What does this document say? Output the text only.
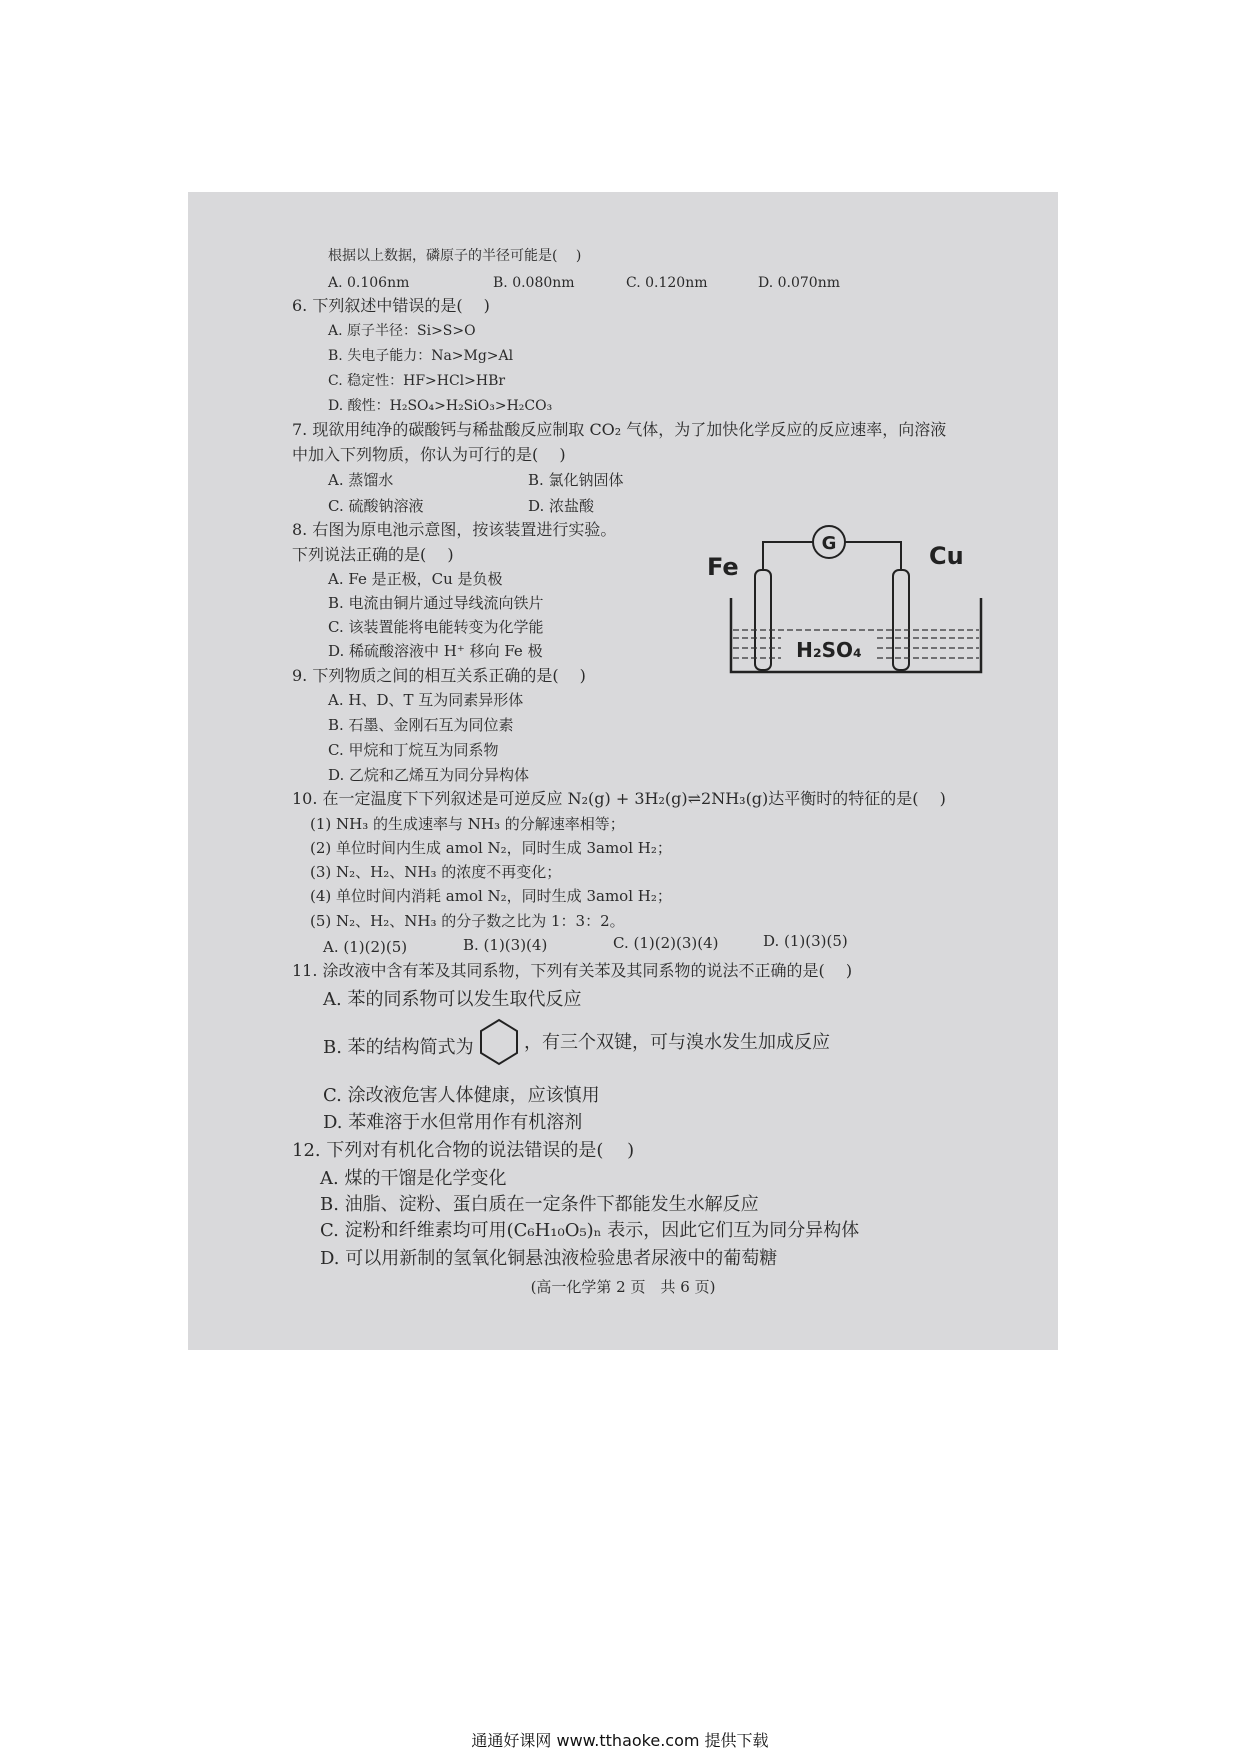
根据以上数据，磷原子的半径可能是(　 )
A. 0.106nm	B. 0.080nm	C. 0.120nm	D. 0.070nm
6. 下列叙述中错误的是(　 )
A. 原子半径：Si>S>O
B. 失电子能力：Na>Mg>Al
C. 稳定性：HF>HCl>HBr
D. 酸性：H₂SO₄>H₂SiO₃>H₂CO₃
7. 现欲用纯净的碳酸钙与稀盐酸反应制取 CO₂ 气体，为了加快化学反应的反应速率，向溶液
中加入下列物质，你认为可行的是(　 )
A. 蒸馏水	B. 氯化钠固体
C. 硫酸钠溶液	D. 浓盐酸
8. 右图为原电池示意图，按该装置进行实验。
下列说法正确的是(　 )
A. Fe 是正极，Cu 是负极
B. 电流由铜片通过导线流向铁片
C. 该装置能将电能转变为化学能
D. 稀硫酸溶液中 H⁺ 移向 Fe 极
G
Fe	Cu
H₂SO₄
9. 下列物质之间的相互关系正确的是(　 )
A. H、D、T 互为同素异形体
B. 石墨、金刚石互为同位素
C. 甲烷和丁烷互为同系物
D. 乙烷和乙烯互为同分异构体
10. 在一定温度下下列叙述是可逆反应 N₂(g) + 3H₂(g)⇌2NH₃(g)达平衡时的特征的是(　 )
(1) NH₃ 的生成速率与 NH₃ 的分解速率相等；
(2) 单位时间内生成 amol N₂，同时生成 3amol H₂；
(3) N₂、H₂、NH₃ 的浓度不再变化；
(4) 单位时间内消耗 amol N₂，同时生成 3amol H₂；
(5) N₂、H₂、NH₃ 的分子数之比为 1：3：2。
A. (1)(2)(5)	B. (1)(3)(4)	C. (1)(2)(3)(4)	D. (1)(3)(5)
11. 涂改液中含有苯及其同系物，下列有关苯及其同系物的说法不正确的是(　 )
A. 苯的同系物可以发生取代反应
B. 苯的结构简式为	，有三个双键，可与溴水发生加成反应
C. 涂改液危害人体健康，应该慎用
D. 苯难溶于水但常用作有机溶剂
12. 下列对有机化合物的说法错误的是(　 )
A. 煤的干馏是化学变化
B. 油脂、淀粉、蛋白质在一定条件下都能发生水解反应
C. 淀粉和纤维素均可用(C₆H₁₀O₅)ₙ 表示，因此它们互为同分异构体
D. 可以用新制的氢氧化铜悬浊液检验患者尿液中的葡萄糖
(高一化学第 2 页　共 6 页)
通通好课网 www.tthaoke.com 提供下载
